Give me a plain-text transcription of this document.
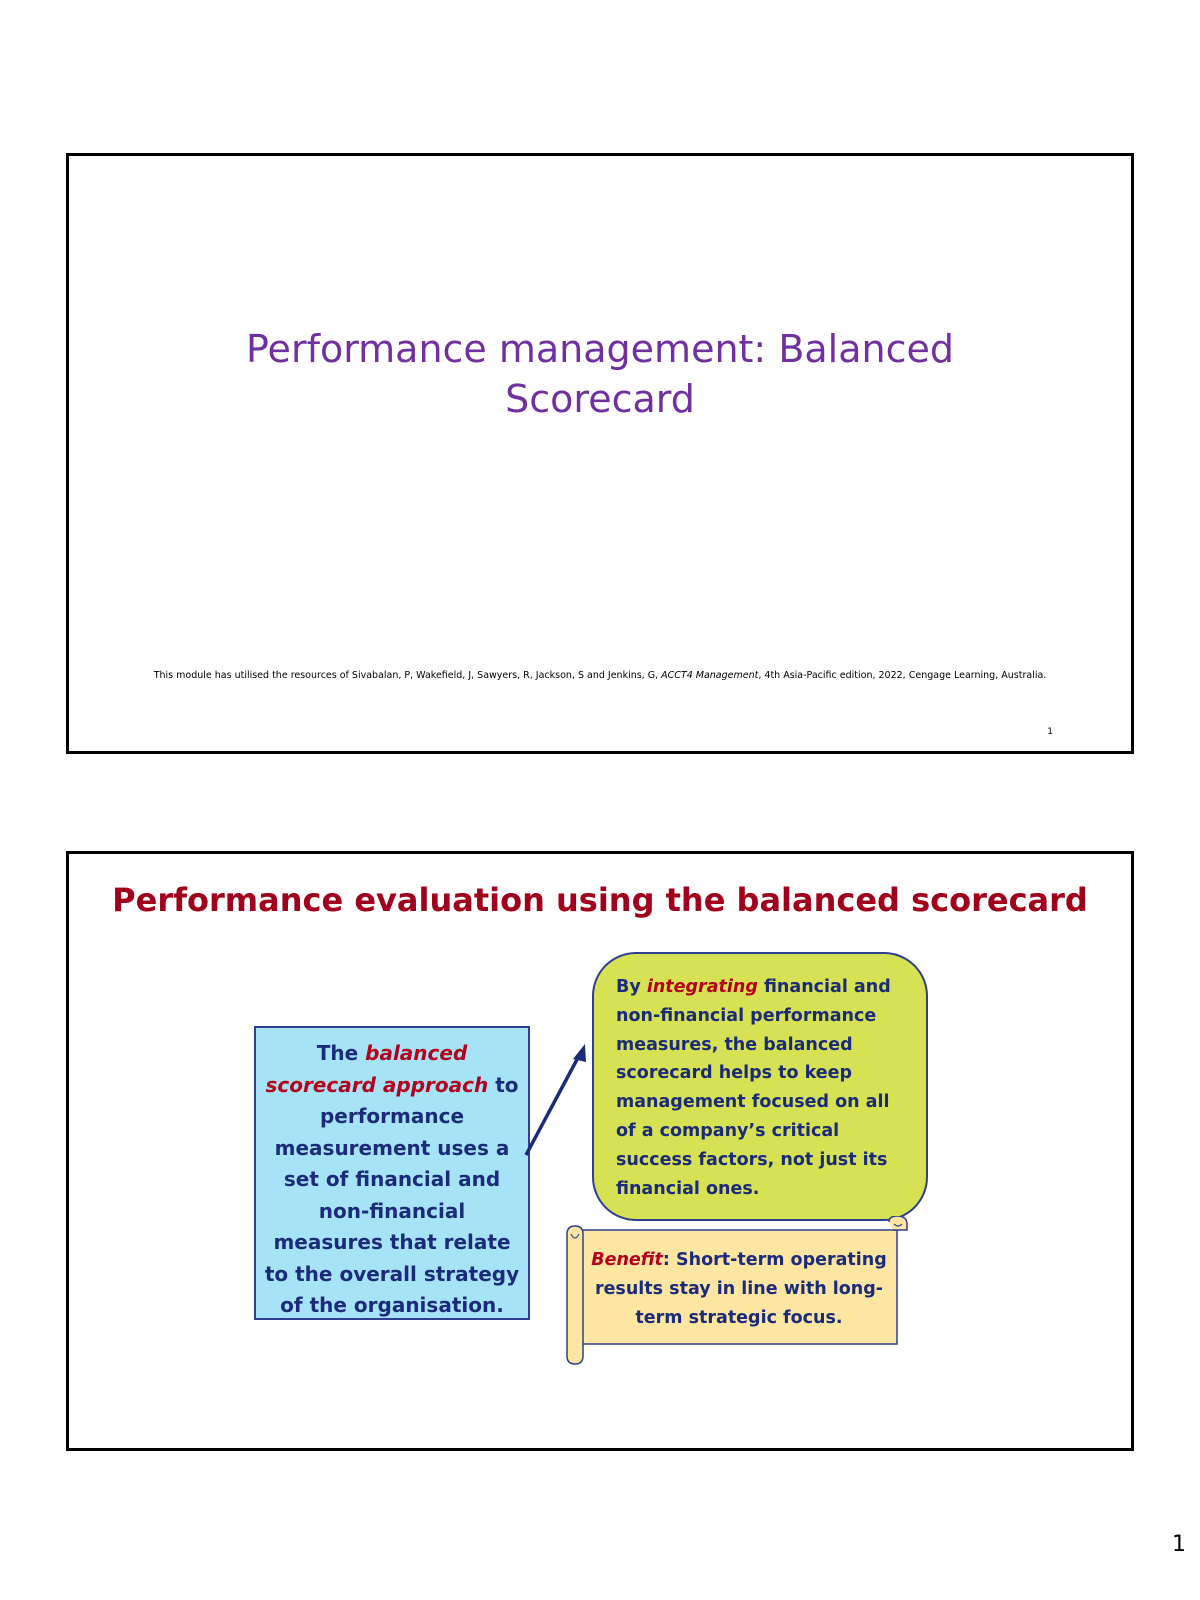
Performance management: Balanced
Scorecard
This module has utilised the resources of Sivabalan, P, Wakefield, J, Sawyers, R, Jackson, S and Jenkins, G, ACCT4 Management, 4th Asia-Pacific edition, 2022, Cengage Learning, Australia.
1
Performance evaluation using the balanced scorecard
The balanced scorecard approach to performance measurement uses a set of financial and non-financial measures that relate to the overall strategy of the organisation.
By integrating financial and non-financial performance measures, the balanced scorecard helps to keep management focused on all of a company’s critical success factors, not just its financial ones.
Benefit: Short-term operating results stay in line with long-term strategic focus.
1
